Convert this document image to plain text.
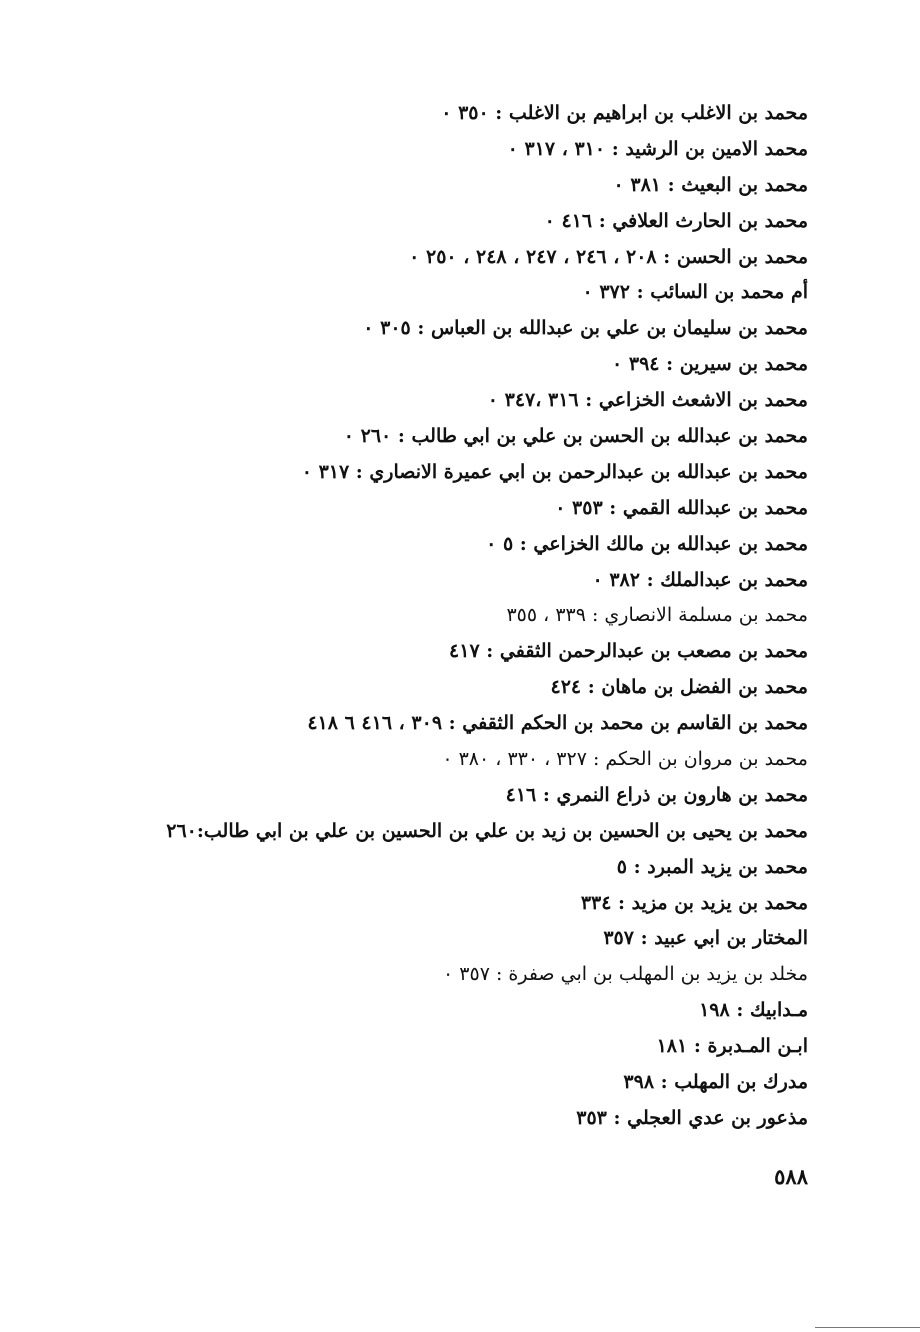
محمد بن الاغلب بن ابراهيم بن الاغلب : ٣٥٠ ٠
محمد الامين بن الرشيد : ٣١٠ ، ٣١٧ ٠
محمد بن البعيث : ٣٨١ ٠
محمد بن الحارث العلافي : ٤١٦ ٠
محمد بن الحسن : ٢٠٨ ، ٢٤٦ ، ٢٤٧ ، ٢٤٨ ، ٢٥٠ ٠
أم محمد بن السائب : ٣٧٢ ٠
محمد بن سليمان بن علي بن عبدالله بن العباس : ٣٠٥ ٠
محمد بن سيرين : ٣٩٤ ٠
محمد بن الاشعث الخزاعي : ٣١٦ ،٣٤٧ ٠
محمد بن عبدالله بن الحسن بن علي بن ابي طالب : ٢٦٠ ٠
محمد بن عبدالله بن عبدالرحمن بن ابي عميرة الانصاري : ٣١٧ ٠
محمد بن عبدالله القمي : ٣٥٣ ٠
محمد بن عبدالله بن مالك الخزاعي : ٥ ٠
محمد بن عبدالملك : ٣٨٢ ٠
محمد بن مسلمة الانصاري : ٣٣٩ ، ٣٥٥
محمد بن مصعب بن عبدالرحمن الثقفي : ٤١٧
محمد بن الفضل بن ماهان : ٤٢٤
محمد بن القاسم بن محمد بن الحكم الثقفي : ٣٠٩ ، ٤١٦ ٦ ٤١٨
محمد بن مروان بن الحكم : ٣٢٧ ، ٣٣٠ ، ٣٨٠ ٠
محمد بن هارون بن ذراع النمري : ٤١٦
محمد بن يحيى بن الحسين بن زيد بن علي بن الحسين بن علي بن ابي طالب:٢٦٠
محمد بن يزيد المبرد : ٥
محمد بن يزيد بن مزيد : ٣٣٤
المختار بن ابي عبيد : ٣٥٧
مخلد بن يزيد بن المهلب بن ابي صفرة : ٣٥٧ ٠
مـدابيك : ١٩٨
ابـن المـدبرة : ١٨١
مدرك بن المهلب : ٣٩٨
مذعور بن عدي العجلي : ٣٥٣
٥٨٨
